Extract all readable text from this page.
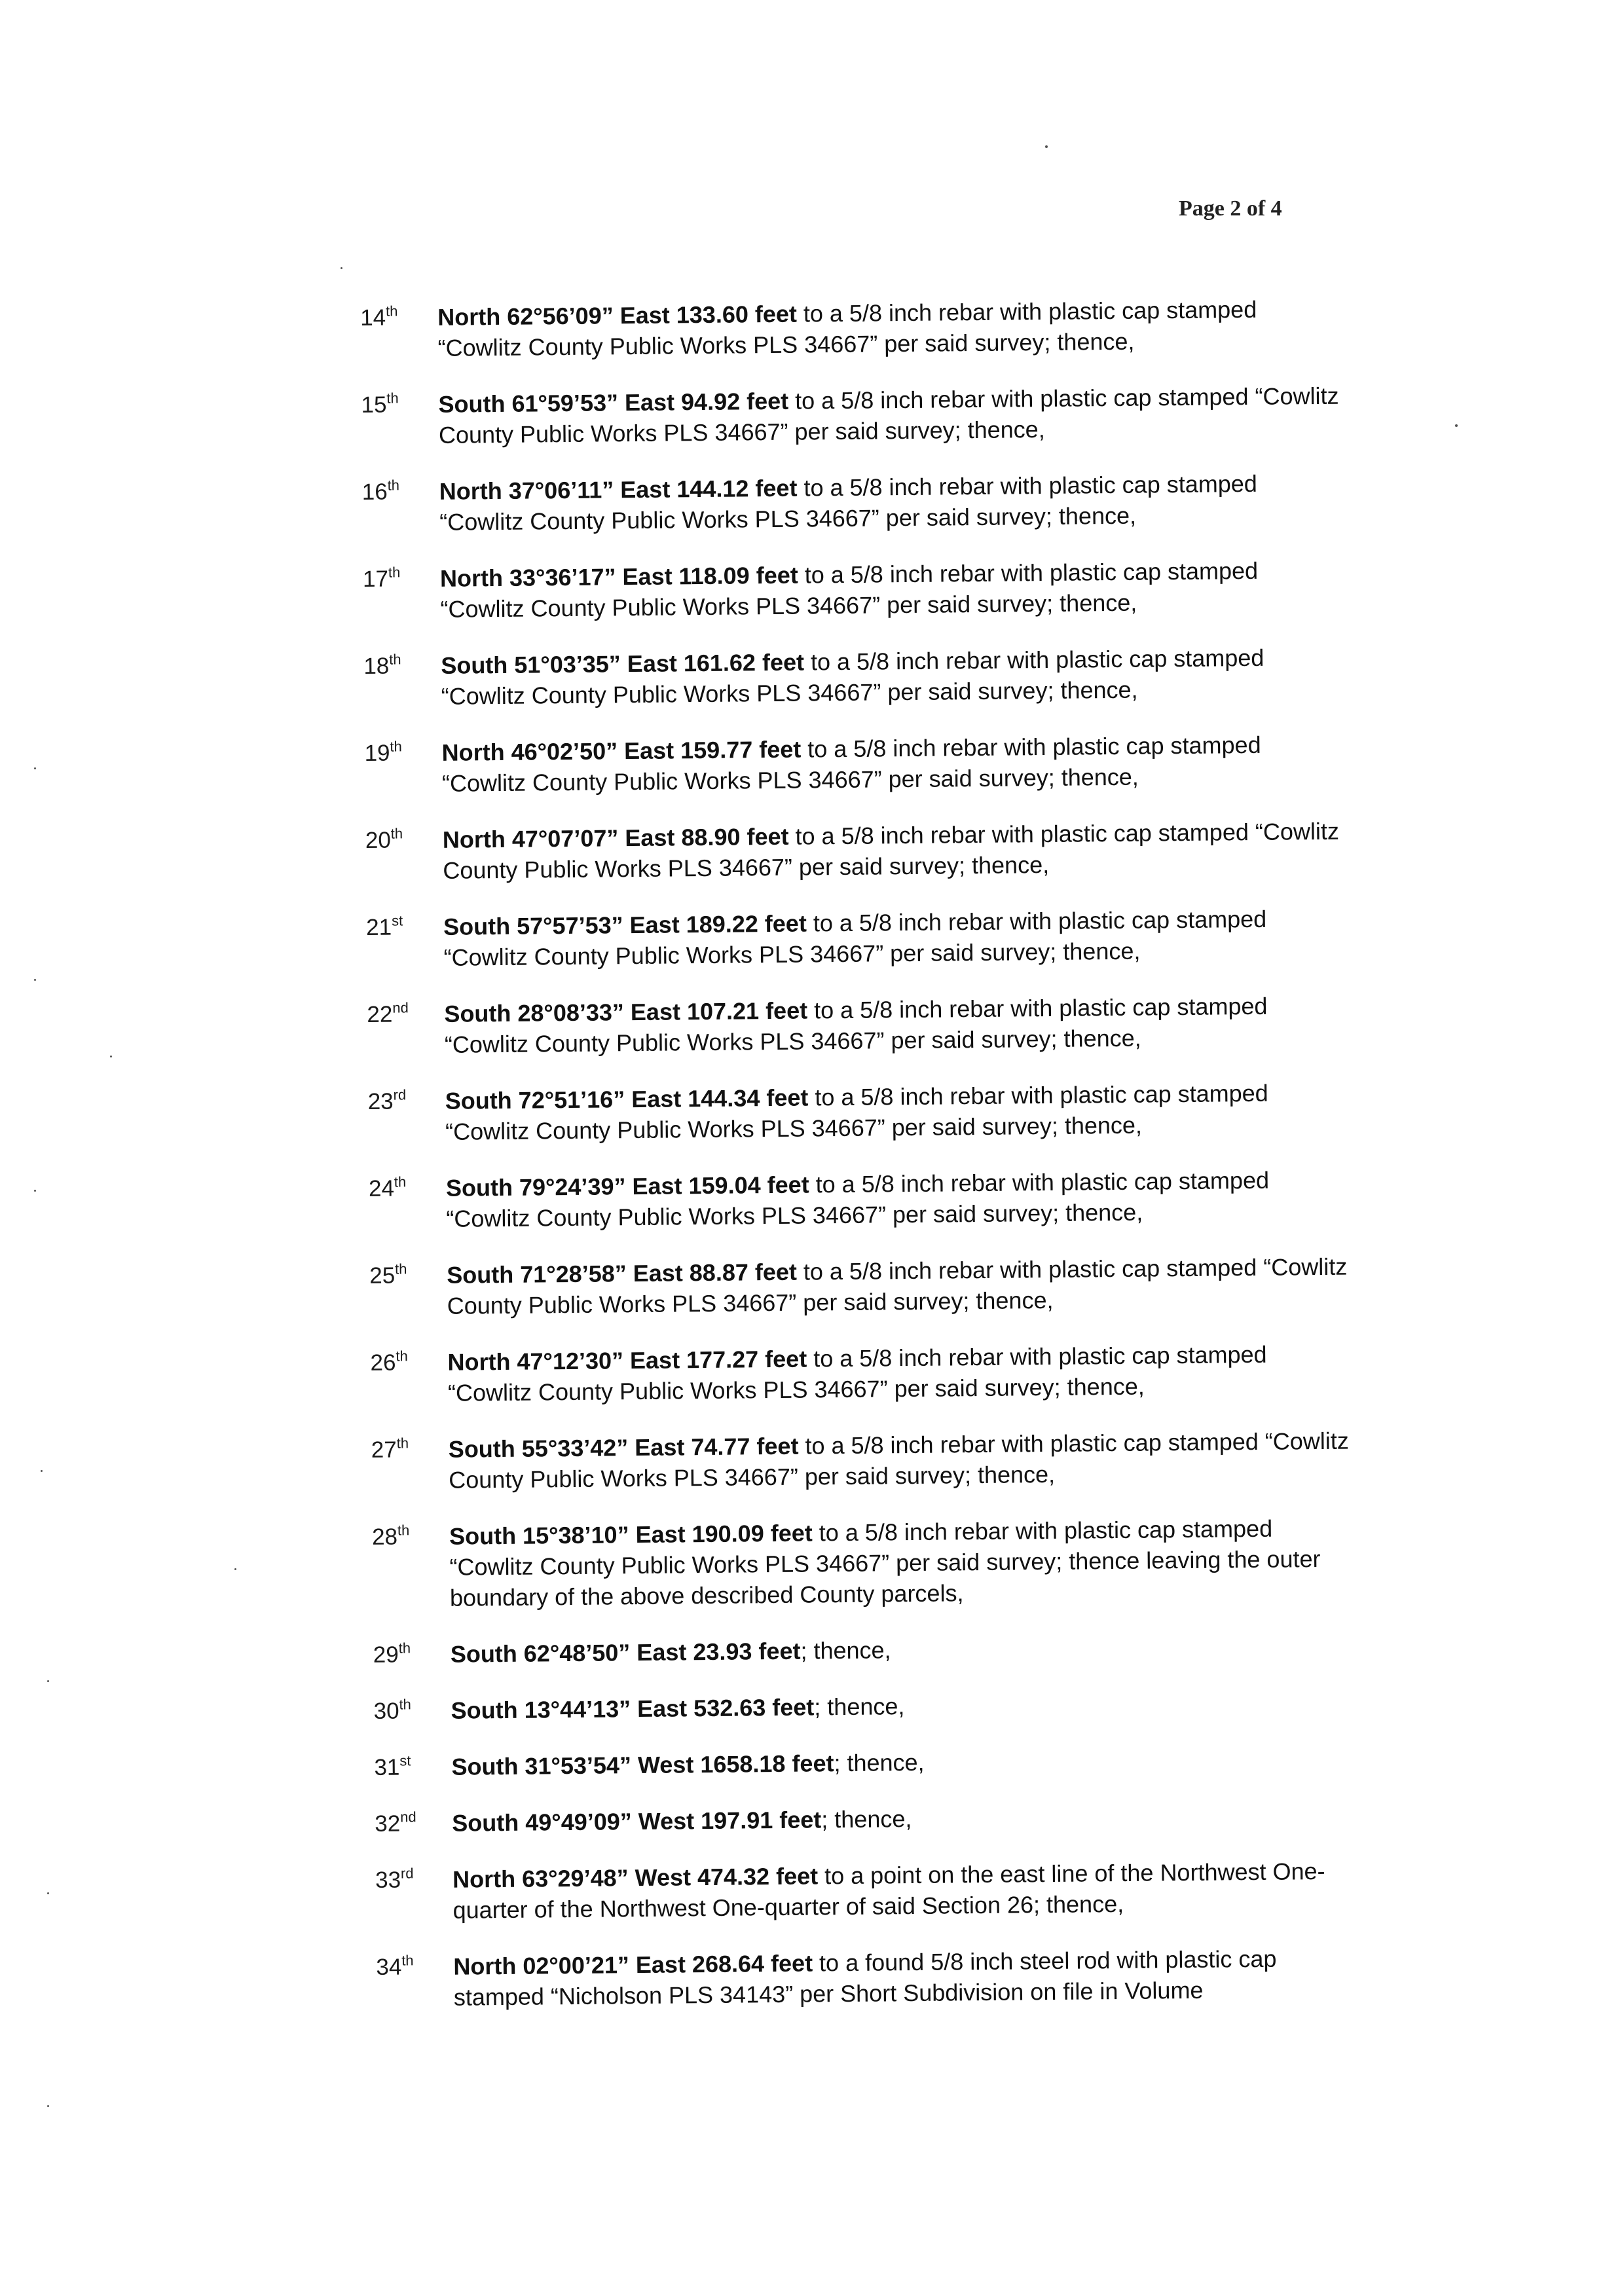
Page 2 of 4
14th	North 62°56’09” East 133.60 feet to a 5/8 inch rebar with plastic cap stamped “Cowlitz County Public Works PLS 34667” per said survey; thence,
15th	South 61°59’53” East 94.92 feet to a 5/8 inch rebar with plastic cap stamped “Cowlitz County Public Works PLS 34667” per said survey; thence,
16th	North 37°06’11” East 144.12 feet to a 5/8 inch rebar with plastic cap stamped “Cowlitz County Public Works PLS 34667” per said survey; thence,
17th	North 33°36’17” East 118.09 feet to a 5/8 inch rebar with plastic cap stamped “Cowlitz County Public Works PLS 34667” per said survey; thence,
18th	South 51°03’35” East 161.62 feet to a 5/8 inch rebar with plastic cap stamped “Cowlitz County Public Works PLS 34667” per said survey; thence,
19th	North 46°02’50” East 159.77 feet to a 5/8 inch rebar with plastic cap stamped “Cowlitz County Public Works PLS 34667” per said survey; thence,
20th	North 47°07’07” East 88.90 feet to a 5/8 inch rebar with plastic cap stamped “Cowlitz County Public Works PLS 34667” per said survey; thence,
21st	South 57°57’53” East 189.22 feet to a 5/8 inch rebar with plastic cap stamped “Cowlitz County Public Works PLS 34667” per said survey; thence,
22nd	South 28°08’33” East 107.21 feet to a 5/8 inch rebar with plastic cap stamped “Cowlitz County Public Works PLS 34667” per said survey; thence,
23rd	South 72°51’16” East 144.34 feet to a 5/8 inch rebar with plastic cap stamped “Cowlitz County Public Works PLS 34667” per said survey; thence,
24th	South 79°24’39” East 159.04 feet to a 5/8 inch rebar with plastic cap stamped “Cowlitz County Public Works PLS 34667” per said survey; thence,
25th	South 71°28’58” East 88.87 feet to a 5/8 inch rebar with plastic cap stamped “Cowlitz County Public Works PLS 34667” per said survey; thence,
26th	North 47°12’30” East 177.27 feet to a 5/8 inch rebar with plastic cap stamped “Cowlitz County Public Works PLS 34667” per said survey; thence,
27th	South 55°33’42” East 74.77 feet to a 5/8 inch rebar with plastic cap stamped “Cowlitz County Public Works PLS 34667” per said survey; thence,
28th	South 15°38’10” East 190.09 feet to a 5/8 inch rebar with plastic cap stamped “Cowlitz County Public Works PLS 34667” per said survey; thence leaving the outer boundary of the above described County parcels,
29th	South 62°48’50” East 23.93 feet; thence,
30th	South 13°44’13” East 532.63 feet; thence,
31st	South 31°53’54” West 1658.18 feet; thence,
32nd	South 49°49’09” West 197.91 feet; thence,
33rd	North 63°29’48” West 474.32 feet to a point on the east line of the Northwest One-quarter of the Northwest One-quarter of said Section 26; thence,
34th	North 02°00’21” East 268.64 feet to a found 5/8 inch steel rod with plastic cap stamped “Nicholson PLS 34143” per Short Subdivision on file in Volume
